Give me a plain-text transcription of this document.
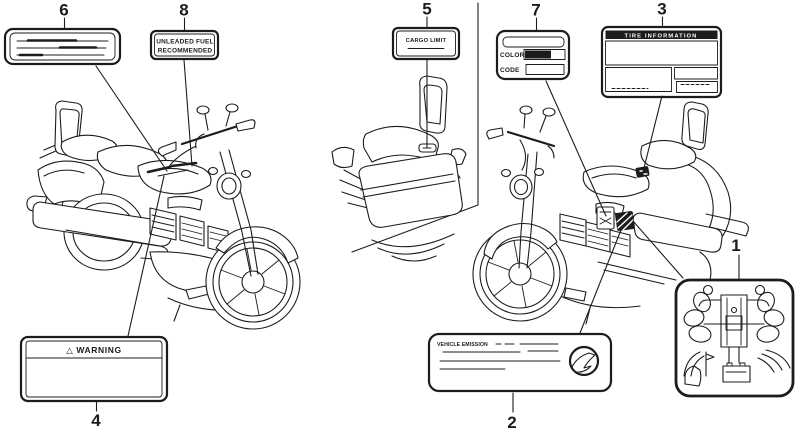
6	8
UNLEADED FUEL
RECOMMENDED
5
CARGO LIMIT
7
COLOR
CODE
3
TIRE INFORMATION
△ WARNING
4
VEHICLE EMISSION
2
1
